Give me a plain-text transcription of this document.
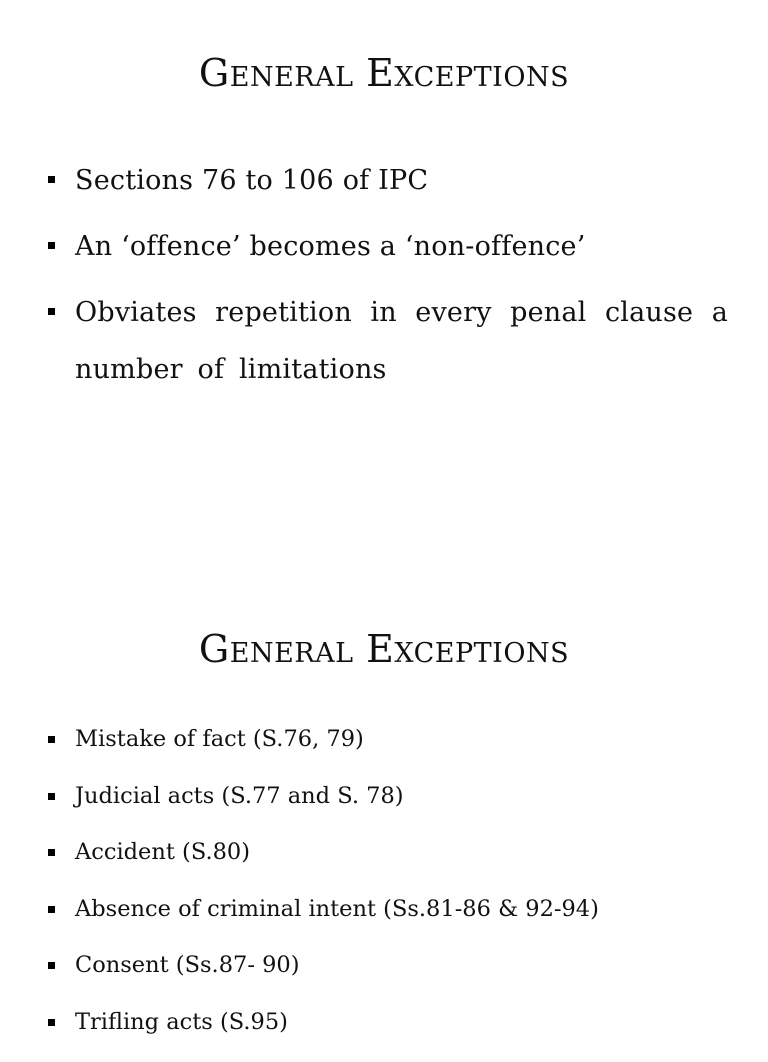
General Exceptions
Sections 76 to 106 of IPC
An ‘offence’ becomes a ‘non-offence’
Obviates repetition in every penal clause a number of limitations
General Exceptions
Mistake of fact (S.76, 79)
Judicial acts (S.77 and S. 78)
Accident (S.80)
Absence of criminal intent (Ss.81-86 & 92-94)
Consent (Ss.87- 90)
Trifling acts (S.95)
